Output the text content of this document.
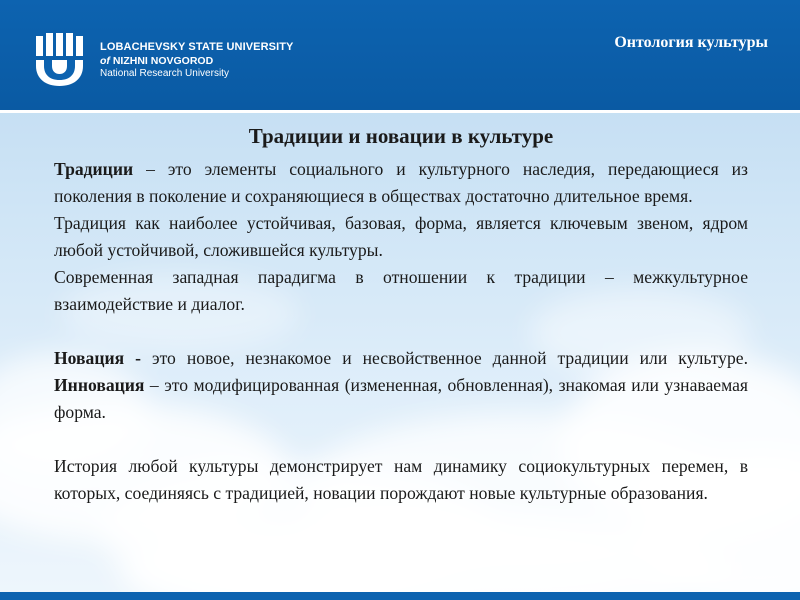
LOBACHEVSKY STATE UNIVERSITY
of NIZHNI NOVGOROD
National Research University
Онтология культуры
Традиции и новации в культуре

Традиции – это элементы социального и культурного наследия, передающиеся из поколения в поколение и сохраняющиеся в обществах достаточно длительное время.

Традиция как наиболее устойчивая, базовая, форма, является ключевым звеном, ядром любой устойчивой, сложившейся культуры.

Современная западная парадигма в отношении к традиции – межкультурное взаимодействие и диалог.

Новация - это новое, незнакомое и несвойственное данной традиции или культуре. Инновация – это модифицированная (измененная, обновленная), знакомая или узнаваемая форма.

История любой культуры демонстрирует нам динамику социокультурных перемен, в которых, соединяясь с традицией, новации порождают новые культурные образования.
